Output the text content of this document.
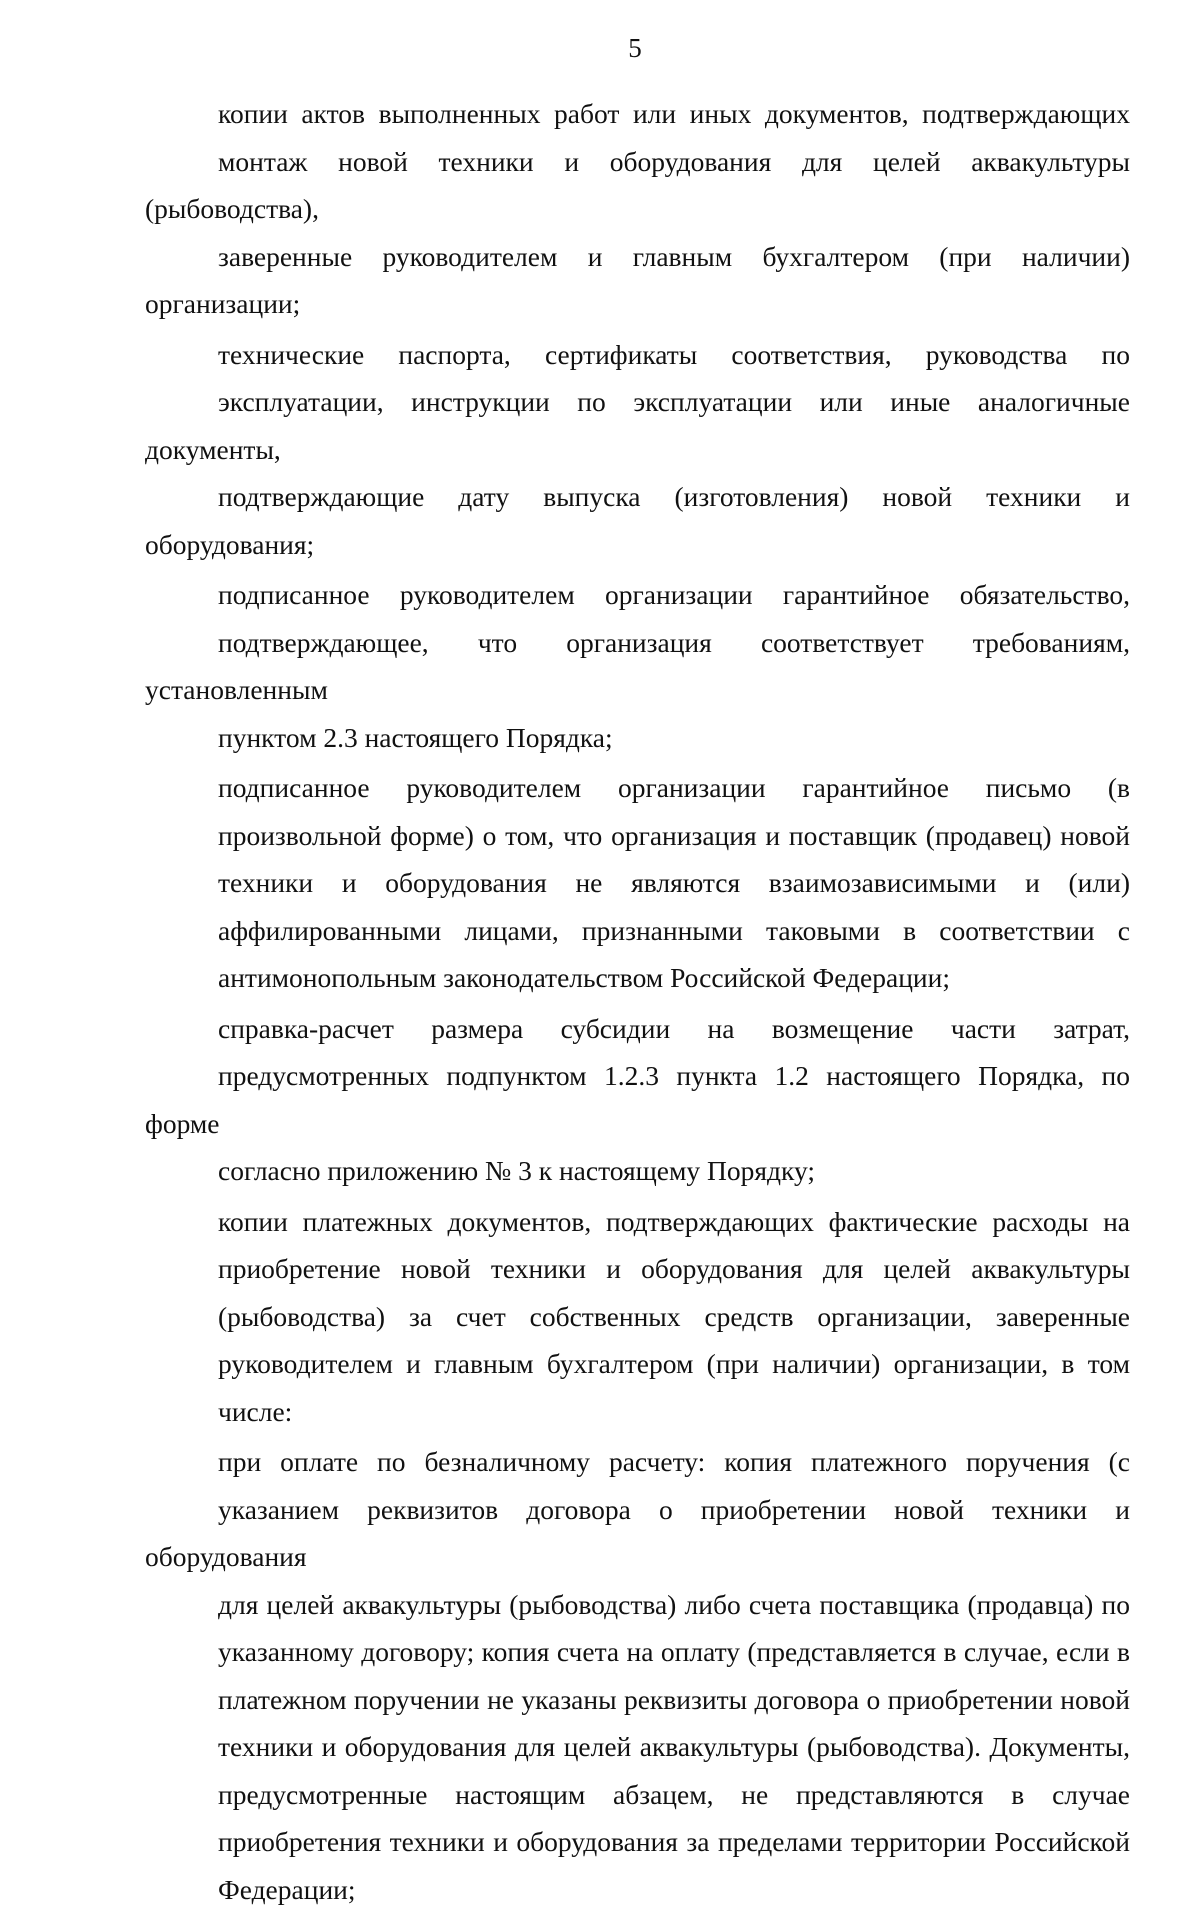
5

копии актов выполненных работ или иных документов, подтверждающих
монтаж новой техники и оборудования для целей аквакультуры (рыбоводства),
заверенные руководителем и главным бухгалтером (при наличии) организации;

технические паспорта, сертификаты соответствия, руководства по
эксплуатации, инструкции по эксплуатации или иные аналогичные документы,
подтверждающие дату выпуска (изготовления) новой техники и оборудования;

подписанное руководителем организации гарантийное обязательство,
подтверждающее, что организация соответствует требованиям, установленным
пунктом 2.3 настоящего Порядка;

подписанное руководителем организации гарантийное письмо (в
произвольной форме) о том, что организация и поставщик (продавец) новой
техники и оборудования не являются взаимозависимыми и (или)
аффилированными лицами, признанными таковыми в соответствии с
антимонопольным законодательством Российской Федерации;

справка-расчет размера субсидии на возмещение части затрат,
предусмотренных подпунктом 1.2.3 пункта 1.2 настоящего Порядка, по форме
согласно приложению № 3 к настоящему Порядку;

копии платежных документов, подтверждающих фактические расходы на
приобретение новой техники и оборудования для целей аквакультуры
(рыбоводства) за счет собственных средств организации, заверенные
руководителем и главным бухгалтером (при наличии) организации, в том
числе:

при оплате по безналичному расчету: копия платежного поручения (с
указанием реквизитов договора о приобретении новой техники и оборудования
для целей аквакультуры (рыбоводства) либо счета поставщика (продавца) по
указанному договору; копия счета на оплату (представляется в случае, если в
платежном поручении не указаны реквизиты договора о приобретении новой
техники и оборудования для целей аквакультуры (рыбоводства). Документы,
предусмотренные настоящим абзацем, не представляются в случае
приобретения техники и оборудования за пределами территории Российской
Федерации;
